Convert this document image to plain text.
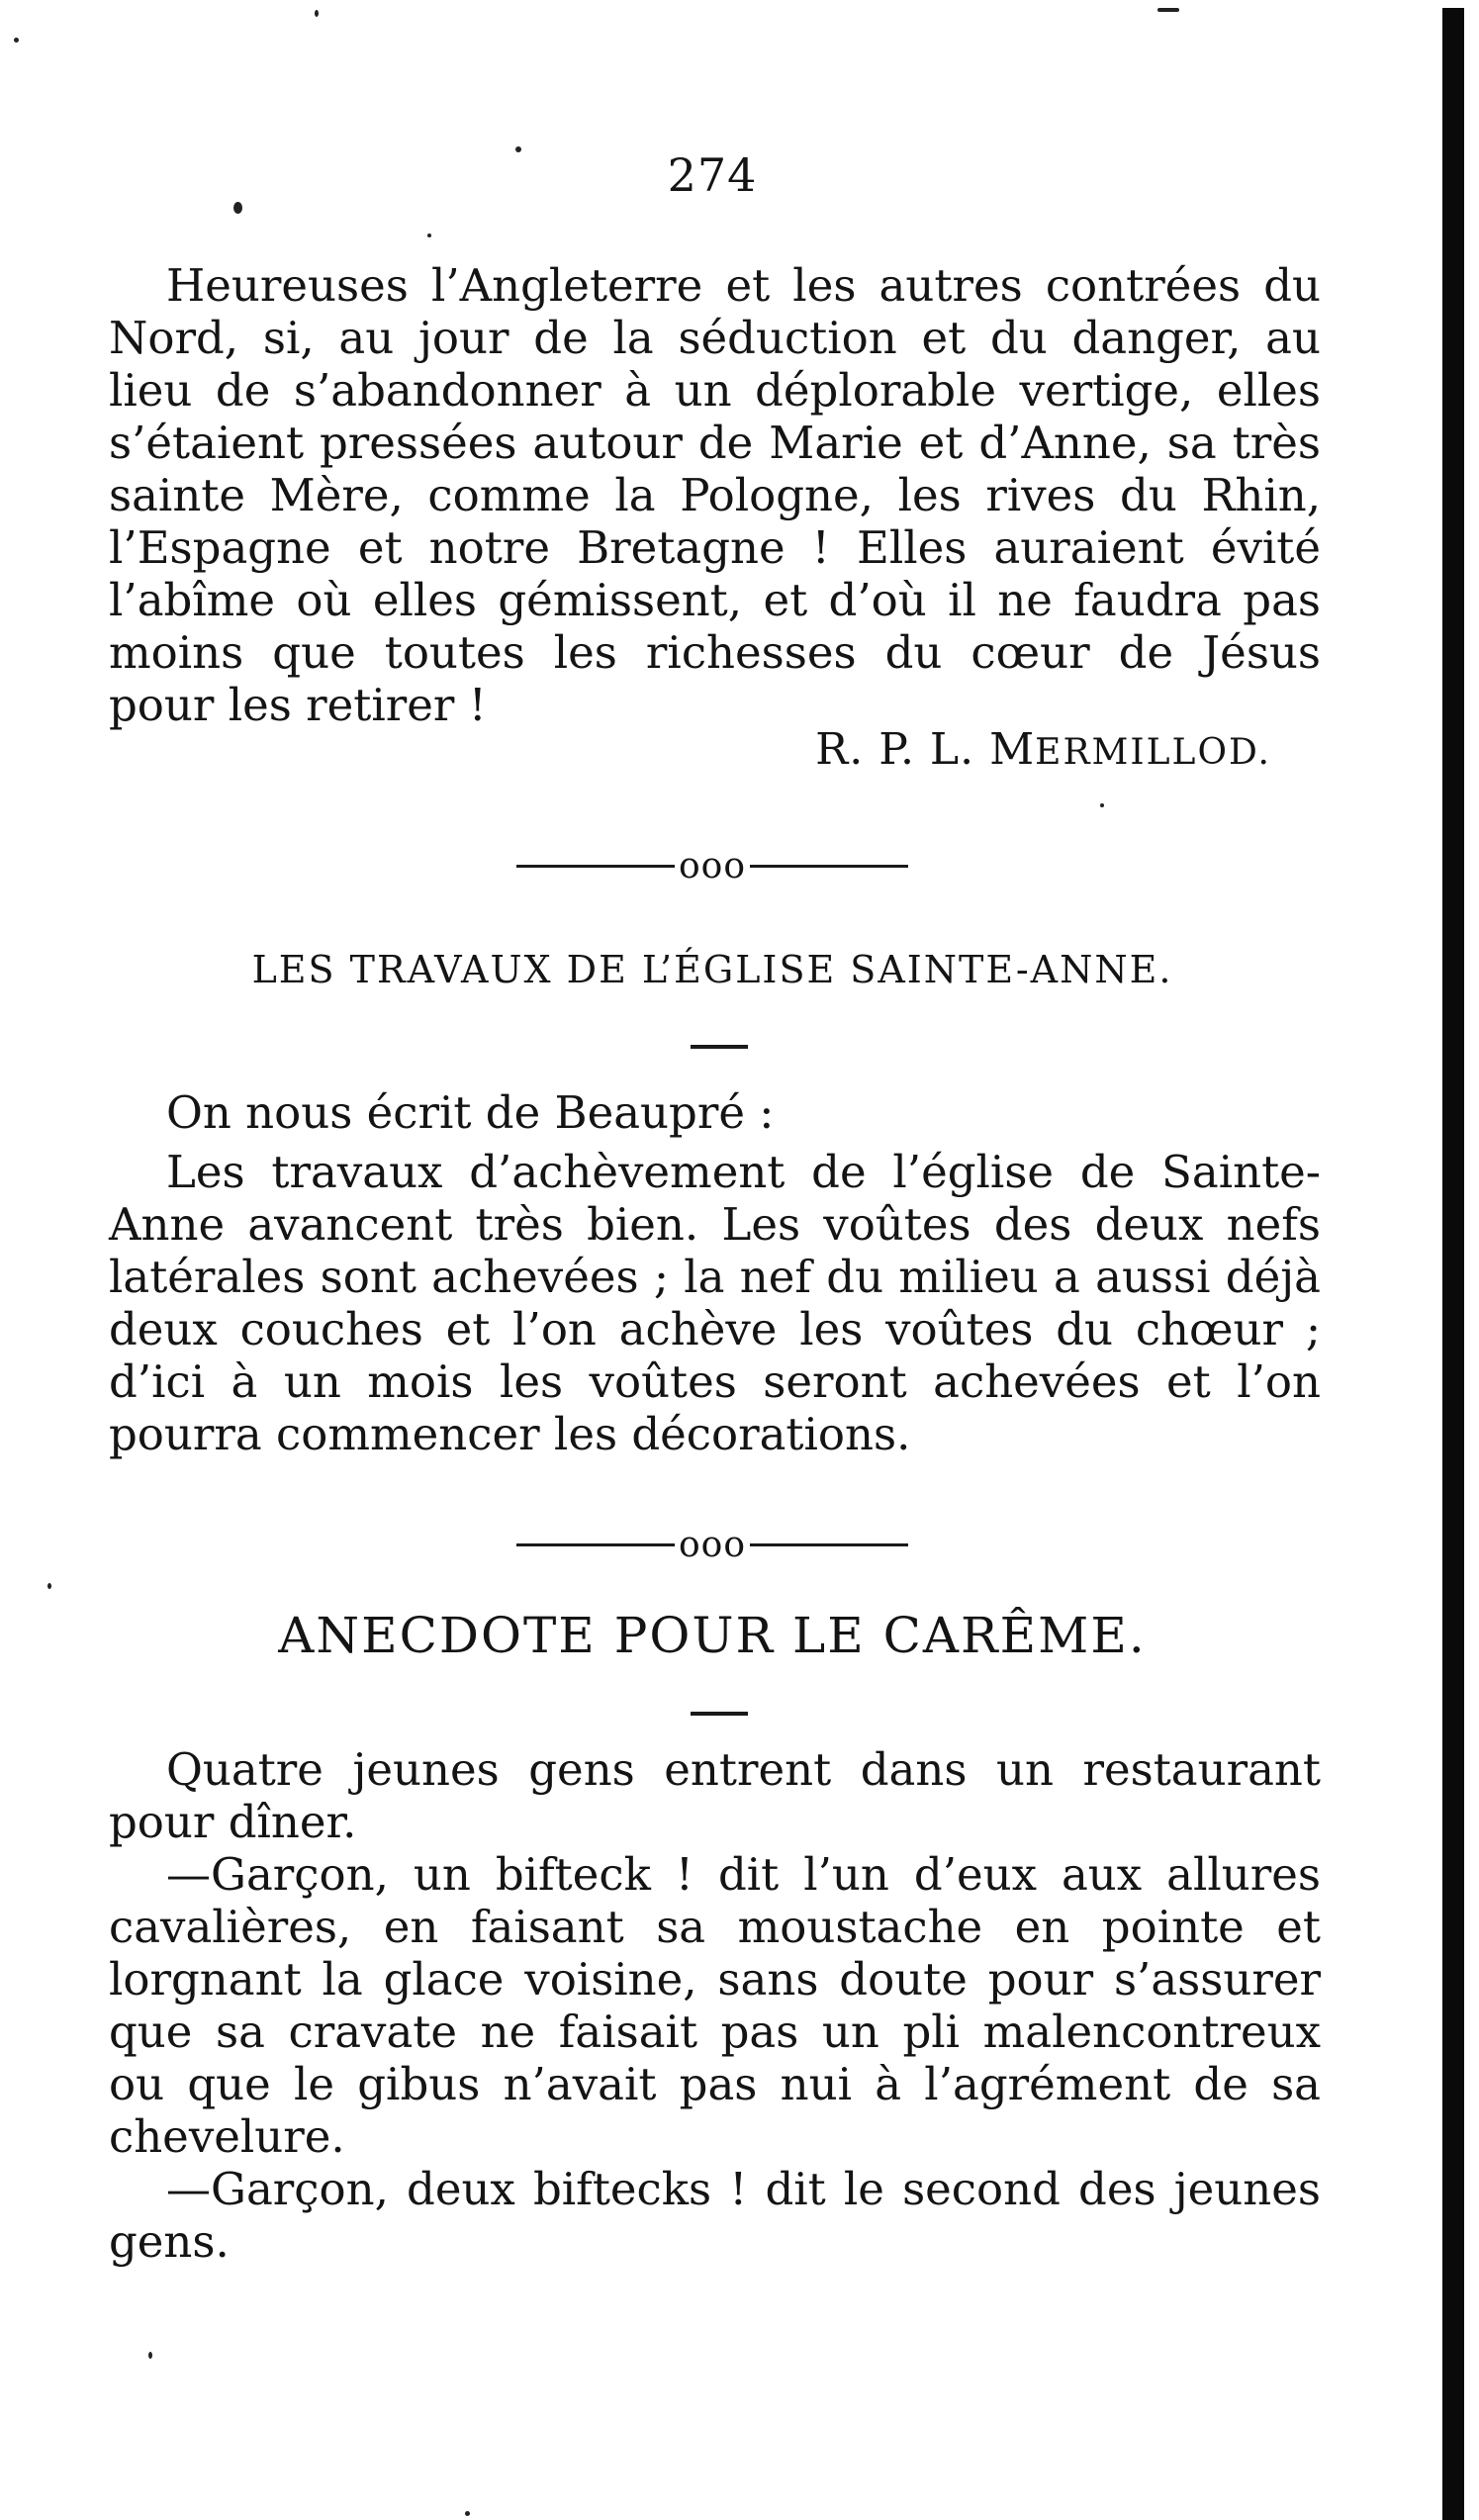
274
Heureuses l’Angleterre et les autres contrées du
Nord, si, au jour de la séduction et du danger, au
lieu de s’abandonner à un déplorable vertige, elles
s’étaient pressées autour de Marie et d’Anne, sa très
sainte Mère, comme la Pologne, les rives du Rhin,
l’Espagne et notre Bretagne ! Elles auraient évité
l’abîme où elles gémissent, et d’où il ne faudra pas
moins que toutes les richesses du cœur de Jésus
pour les retirer !
R. P. L. MERMILLOD.
ooo
LES TRAVAUX DE L’ÉGLISE SAINTE-ANNE.
On nous écrit de Beaupré :
Les travaux d’achèvement de l’église de Sainte-
Anne avancent très bien. Les voûtes des deux nefs
latérales sont achevées ; la nef du milieu a aussi déjà
deux couches et l’on achève les voûtes du chœur ;
d’ici à un mois les voûtes seront achevées et l’on
pourra commencer les décorations.
ooo
ANECDOTE POUR LE CARÊME.
Quatre jeunes gens entrent dans un restaurant
pour dîner.
—Garçon, un bifteck ! dit l’un d’eux aux allures
cavalières, en faisant sa moustache en pointe et
lorgnant la glace voisine, sans doute pour s’assurer
que sa cravate ne faisait pas un pli malencontreux
ou que le gibus n’avait pas nui à l’agrément de sa
chevelure.
—Garçon, deux biftecks ! dit le second des jeunes
gens.
